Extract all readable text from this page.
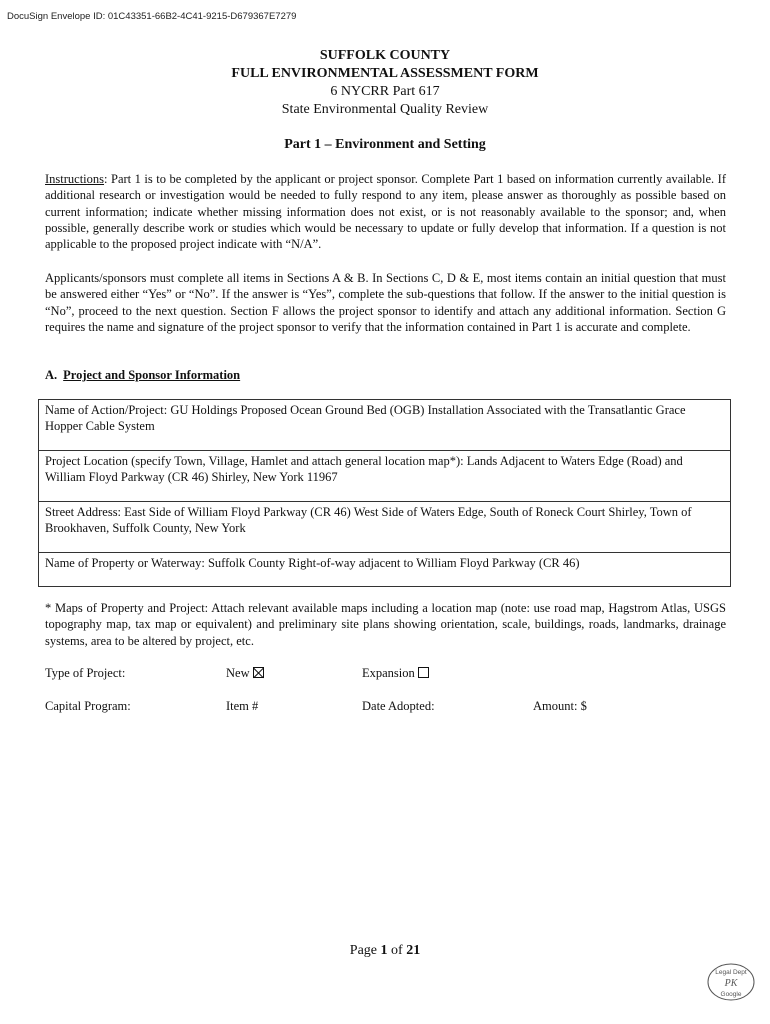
DocuSign Envelope ID: 01C43351-66B2-4C41-9215-D679367E7279
SUFFOLK COUNTY
FULL ENVIRONMENTAL ASSESSMENT FORM
6 NYCRR Part 617
State Environmental Quality Review
Part 1 – Environment and Setting
Instructions: Part 1 is to be completed by the applicant or project sponsor. Complete Part 1 based on information currently available. If additional research or investigation would be needed to fully respond to any item, please answer as thoroughly as possible based on current information; indicate whether missing information does not exist, or is not reasonably available to the sponsor; and, when possible, generally describe work or studies which would be necessary to update or fully develop that information. If a question is not applicable to the proposed project indicate with “N/A”.
Applicants/sponsors must complete all items in Sections A & B. In Sections C, D & E, most items contain an initial question that must be answered either “Yes” or “No”. If the answer is “Yes”, complete the sub-questions that follow. If the answer to the initial question is “No”, proceed to the next question. Section F allows the project sponsor to identify and attach any additional information. Section G requires the name and signature of the project sponsor to verify that the information contained in Part 1 is accurate and complete.
A. Project and Sponsor Information
Name of Action/Project: GU Holdings Proposed Ocean Ground Bed (OGB) Installation Associated with the Transatlantic Grace Hopper Cable System
Project Location (specify Town, Village, Hamlet and attach general location map*): Lands Adjacent to Waters Edge (Road) and William Floyd Parkway (CR 46) Shirley, New York 11967
Street Address: East Side of William Floyd Parkway (CR 46) West Side of Waters Edge, South of Roneck Court Shirley, Town of Brookhaven, Suffolk County, New York
Name of Property or Waterway: Suffolk County Right-of-way adjacent to William Floyd Parkway (CR 46)
* Maps of Property and Project: Attach relevant available maps including a location map (note: use road map, Hagstrom Atlas, USGS topography map, tax map or equivalent) and preliminary site plans showing orientation, scale, buildings, roads, landmarks, drainage systems, area to be altered by project, etc.
Type of Project:	New	Expansion
Capital Program:	Item #	Date Adopted:	Amount: $
Page 1 of 21
Legal Dept
PK
Google
